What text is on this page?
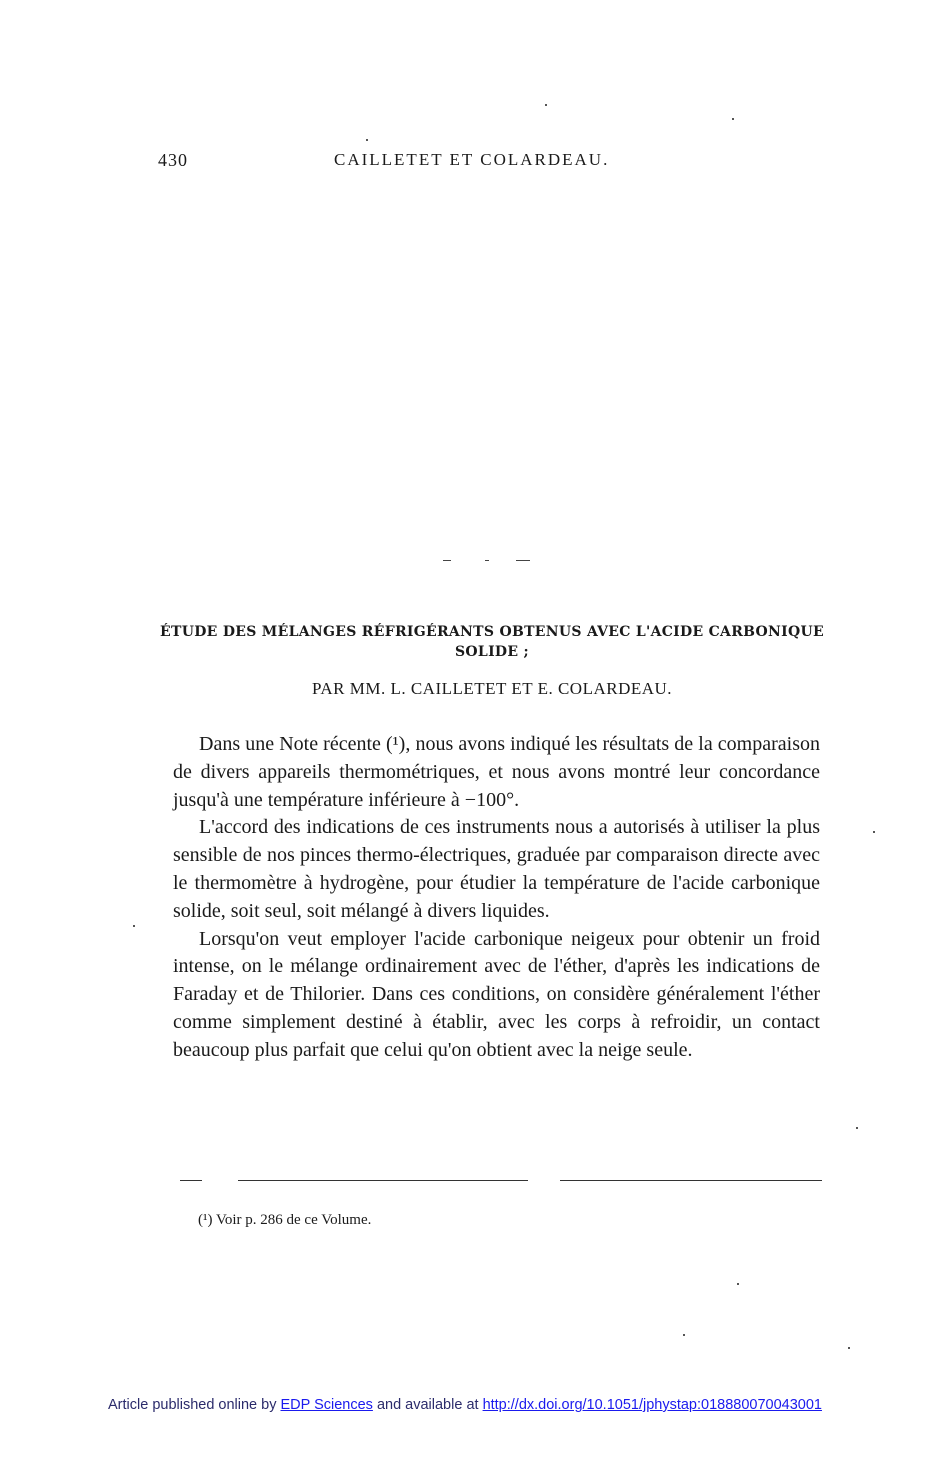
430	CAILLETET ET COLARDEAU.
ÉTUDE DES MÉLANGES RÉFRIGÉRANTS OBTENUS AVEC L'ACIDE CARBONIQUE SOLIDE ;
PAR MM. L. CAILLETET ET E. COLARDEAU.

Dans une Note récente (¹), nous avons indiqué les résultats de la comparaison de divers appareils thermométriques, et nous avons montré leur concordance jusqu'à une température inférieure à −100°.

L'accord des indications de ces instruments nous a autorisés à utiliser la plus sensible de nos pinces thermo-électriques, graduée par comparaison directe avec le thermomètre à hydrogène, pour étudier la température de l'acide carbonique solide, soit seul, soit mélangé à divers liquides.

Lorsqu'on veut employer l'acide carbonique neigeux pour obtenir un froid intense, on le mélange ordinairement avec de l'éther, d'après les indications de Faraday et de Thilorier. Dans ces conditions, on considère généralement l'éther comme simplement destiné à établir, avec les corps à refroidir, un contact beaucoup plus parfait que celui qu'on obtient avec la neige seule.

(¹) Voir p. 286 de ce Volume.
Article published online by EDP Sciences and available at http://dx.doi.org/10.1051/jphystap:018880070043001
